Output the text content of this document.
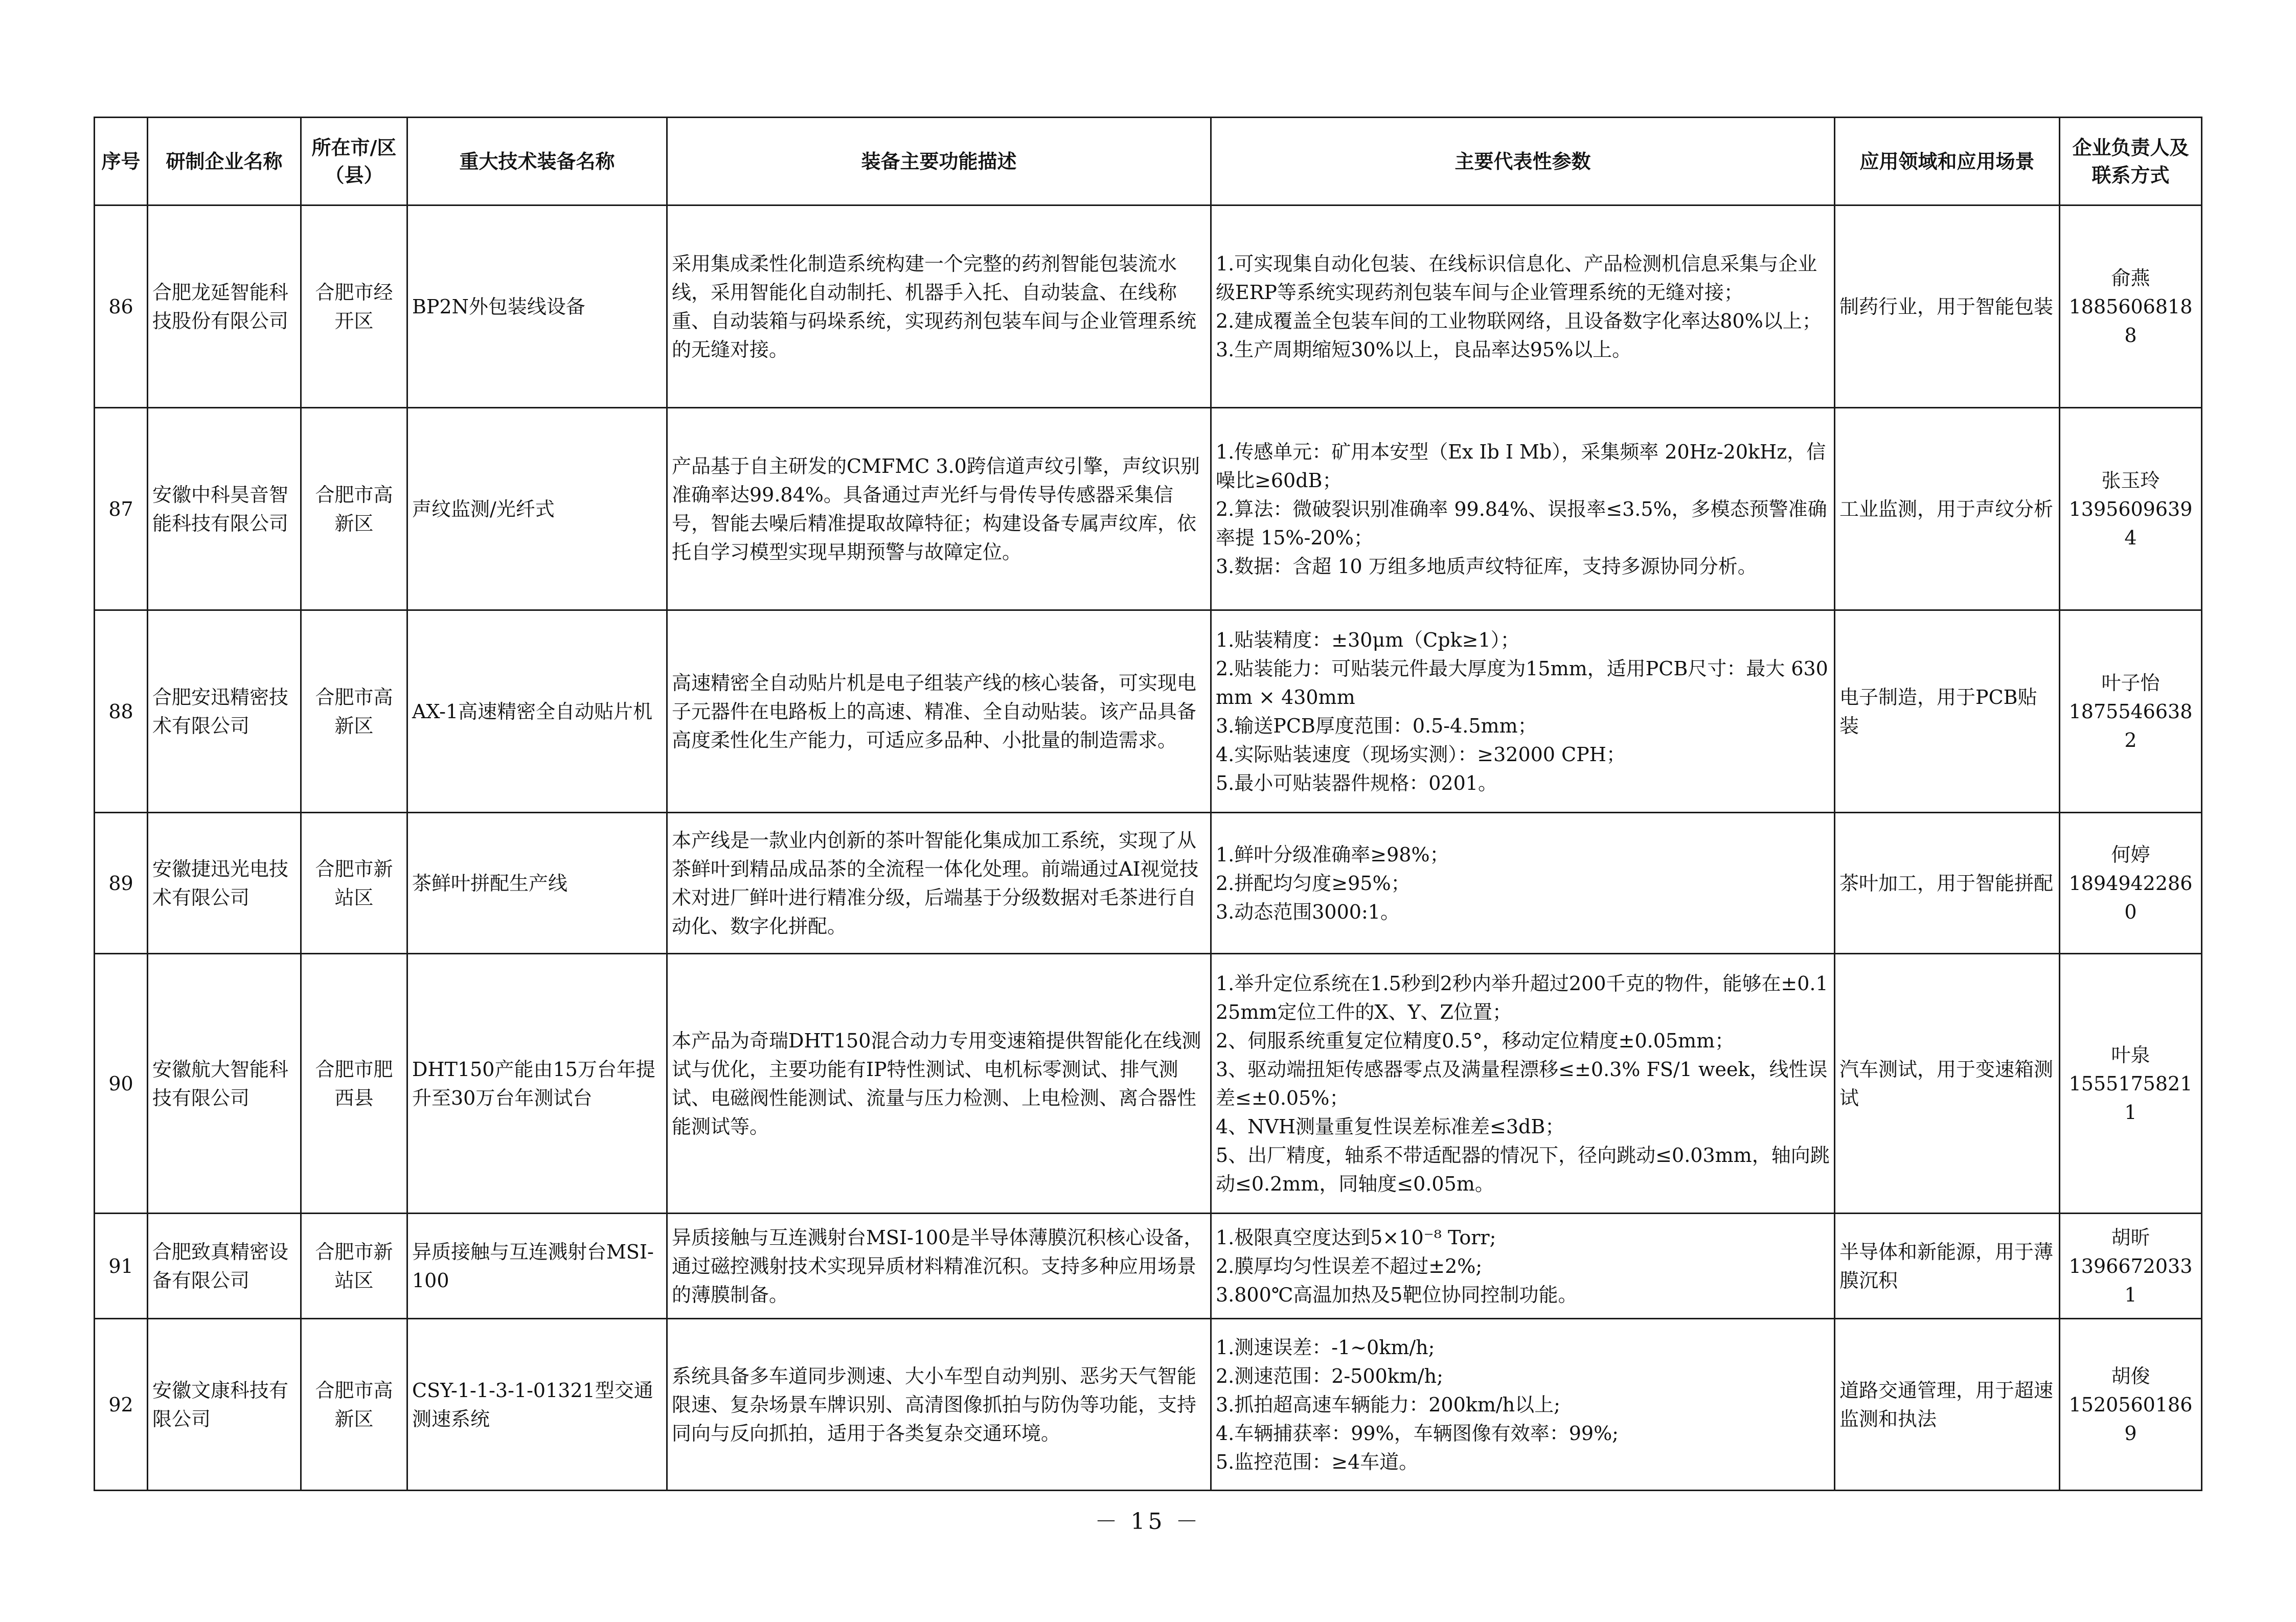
序号	研制企业名称	所在市/区（县）	重大技术装备名称	装备主要功能描述	主要代表性参数	应用领域和应用场景	企业负责人及联系方式
86	合肥龙延智能科技股份有限公司	合肥市经开区	BP2N外包装线设备	采用集成柔性化制造系统构建一个完整的药剂智能包装流水线，采用智能化自动制托、机器手入托、自动装盒、在线称重、自动装箱与码垛系统，实现药剂包装车间与企业管理系统的无缝对接。	1.可实现集自动化包装、在线标识信息化、产品检测机信息采集与企业级ERP等系统实现药剂包装车间与企业管理系统的无缝对接；
2.建成覆盖全包装车间的工业物联网络，且设备数字化率达80%以上；
3.生产周期缩短30%以上，良品率达95%以上。	制药行业，用于智能包装	俞燕
18856068188

87	安徽中科昊音智能科技有限公司	合肥市高新区	声纹监测/光纤式	产品基于自主研发的CMFMC 3.0跨信道声纹引擎，声纹识别准确率达99.84%。具备通过声光纤与骨传导传感器采集信号，智能去噪后精准提取故障特征；构建设备专属声纹库，依托自学习模型实现早期预警与故障定位。	1.传感单元：矿用本安型（Ex Ib I Mb），采集频率 20Hz-20kHz，信噪比≥60dB；
2.算法：微破裂识别准确率 99.84%、误报率≤3.5%，多模态预警准确率提 15%-20%；
3.数据：含超 10 万组多地质声纹特征库，支持多源协同分析。	工业监测，用于声纹分析	张玉玲
13956096394

88	合肥安迅精密技术有限公司	合肥市高新区	AX-1高速精密全自动贴片机	高速精密全自动贴片机是电子组装产线的核心装备，可实现电子元器件在电路板上的高速、精准、全自动贴装。该产品具备高度柔性化生产能力，可适应多品种、小批量的制造需求。	1.贴装精度：±30μm（Cpk≥1）；
2.贴装能力：可贴装元件最大厚度为15mm，适用PCB尺寸：最大 630mm × 430mm
3.输送PCB厚度范围：0.5-4.5mm；
4.实际贴装速度（现场实测）：≥32000 CPH；
5.最小可贴装器件规格：0201。	电子制造，用于PCB贴装	叶子怡
18755466382

89	安徽捷迅光电技术有限公司	合肥市新站区	茶鲜叶拼配生产线	本产线是一款业内创新的茶叶智能化集成加工系统，实现了从茶鲜叶到精品成品茶的全流程一体化处理。前端通过AI视觉技术对进厂鲜叶进行精准分级，后端基于分级数据对毛茶进行自动化、数字化拼配。	1.鲜叶分级准确率≥98%；
2.拼配均匀度≥95%；
3.动态范围3000:1。	茶叶加工，用于智能拼配	何婷
18949422860

90	安徽航大智能科技有限公司	合肥市肥西县	DHT150产能由15万台年提升至30万台年测试台	本产品为奇瑞DHT150混合动力专用变速箱提供智能化在线测试与优化，主要功能有IP特性测试、电机标零测试、排气测试、电磁阀性能测试、流量与压力检测、上电检测、离合器性能测试等。	1.举升定位系统在1.5秒到2秒内举升超过200千克的物件，能够在±0.125mm定位工件的X、Y、Z位置；
2、伺服系统重复定位精度0.5°，移动定位精度±0.05mm；
3、驱动端扭矩传感器零点及满量程漂移≤±0.3% FS/1 week，线性误差≤±0.05%；
4、NVH测量重复性误差标准差≤3dB；
5、出厂精度，轴系不带适配器的情况下，径向跳动≤0.03mm，轴向跳动≤0.2mm，同轴度≤0.05m。	汽车测试，用于变速箱测试	叶泉
15551758211

91	合肥致真精密设备有限公司	合肥市新站区	异质接触与互连溅射台MSI-100	异质接触与互连溅射台MSI-100是半导体薄膜沉积核心设备，通过磁控溅射技术实现异质材料精准沉积。支持多种应用场景的薄膜制备。	1.极限真空度达到5×10⁻⁸ Torr;
2.膜厚均匀性误差不超过±2%;
3.800℃高温加热及5靶位协同控制功能。	半导体和新能源，用于薄膜沉积	胡昕
13966720331

92	安徽文康科技有限公司	合肥市高新区	CSY-1-1-3-1-01321型交通测速系统	系统具备多车道同步测速、大小车型自动判别、恶劣天气智能限速、复杂场景车牌识别、高清图像抓拍与防伪等功能，支持同向与反向抓拍，适用于各类复杂交通环境。	1.测速误差：-1~0km/h;
2.测速范围：2-500km/h;
3.抓拍超高速车辆能力：200km/h以上;
4.车辆捕获率：99%，车辆图像有效率：99%;
5.监控范围：≥4车道。	道路交通管理，用于超速监测和执法	胡俊
15205601869
－ 15 －
